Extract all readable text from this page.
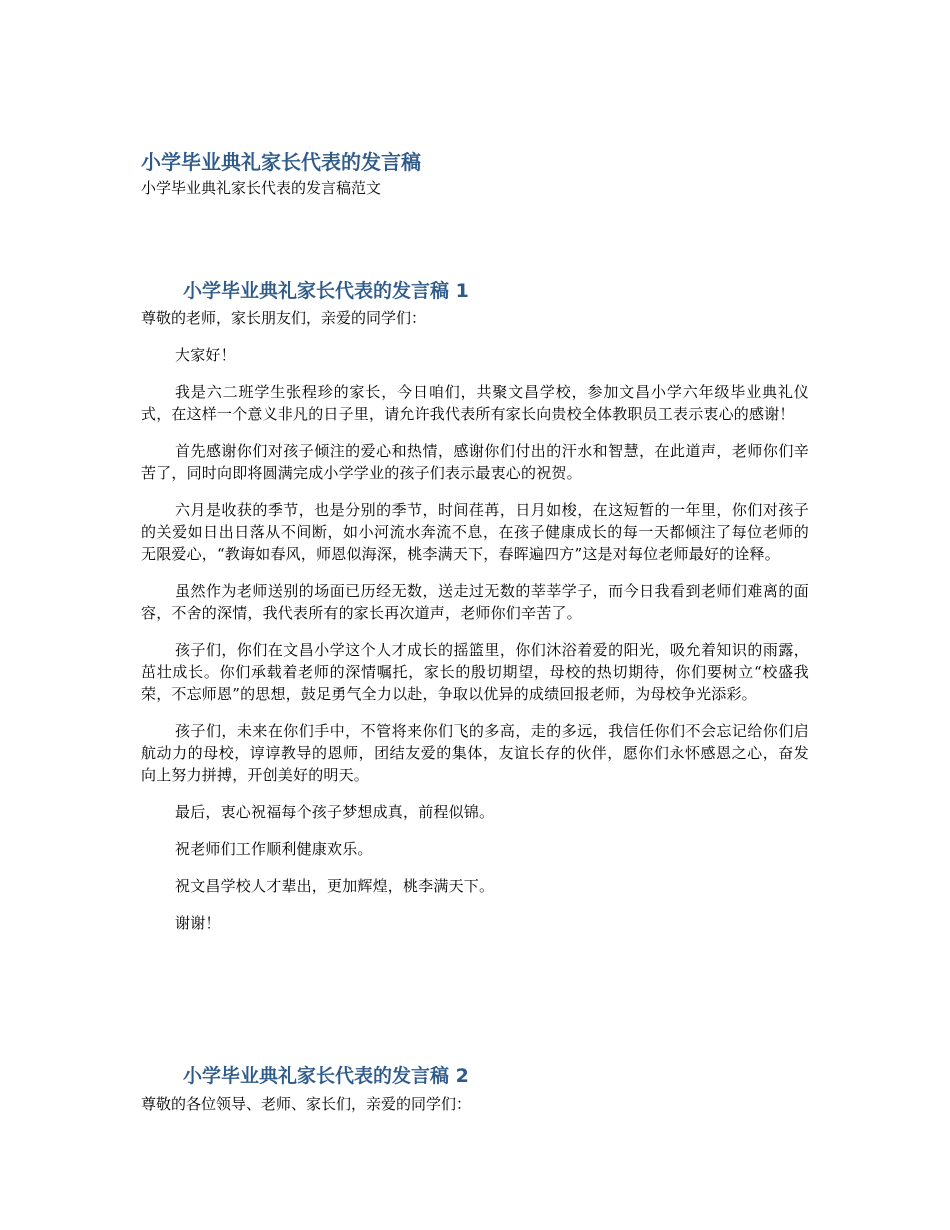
小学毕业典礼家长代表的发言稿

小学毕业典礼家长代表的发言稿范文

小学毕业典礼家长代表的发言稿 1

尊敬的老师，家长朋友们，亲爱的同学们：

大家好！

我是六二班学生张程珍的家长，今日咱们，共聚文昌学校，参加文昌小学六年级毕业典礼仪式，在这样一个意义非凡的日子里，请允许我代表所有家长向贵校全体教职员工表示衷心的感谢！

首先感谢你们对孩子倾注的爱心和热情，感谢你们付出的汗水和智慧，在此道声，老师你们辛苦了，同时向即将圆满完成小学学业的孩子们表示最衷心的祝贺。

六月是收获的季节，也是分别的季节，时间荏苒，日月如梭，在这短暂的一年里，你们对孩子的关爱如日出日落从不间断，如小河流水奔流不息，在孩子健康成长的每一天都倾注了每位老师的无限爱心，“教诲如春风，师恩似海深，桃李满天下，春晖遍四方”这是对每位老师最好的诠释。

虽然作为老师送别的场面已历经无数，送走过无数的莘莘学子，而今日我看到老师们难离的面容，不舍的深情，我代表所有的家长再次道声，老师你们辛苦了。

孩子们，你们在文昌小学这个人才成长的摇篮里，你们沐浴着爱的阳光，吸允着知识的雨露，茁壮成长。你们承载着老师的深情嘱托，家长的殷切期望，母校的热切期待，你们要树立“校盛我荣，不忘师恩”的思想，鼓足勇气全力以赴，争取以优异的成绩回报老师，为母校争光添彩。

孩子们，未来在你们手中，不管将来你们飞的多高，走的多远，我信任你们不会忘记给你们启航动力的母校，谆谆教导的恩师，团结友爱的集体，友谊长存的伙伴，愿你们永怀感恩之心，奋发向上努力拼搏，开创美好的明天。

最后，衷心祝福每个孩子梦想成真，前程似锦。

祝老师们工作顺利健康欢乐。

祝文昌学校人才辈出，更加辉煌，桃李满天下。

谢谢！

小学毕业典礼家长代表的发言稿 2

尊敬的各位领导、老师、家长们，亲爱的同学们：
